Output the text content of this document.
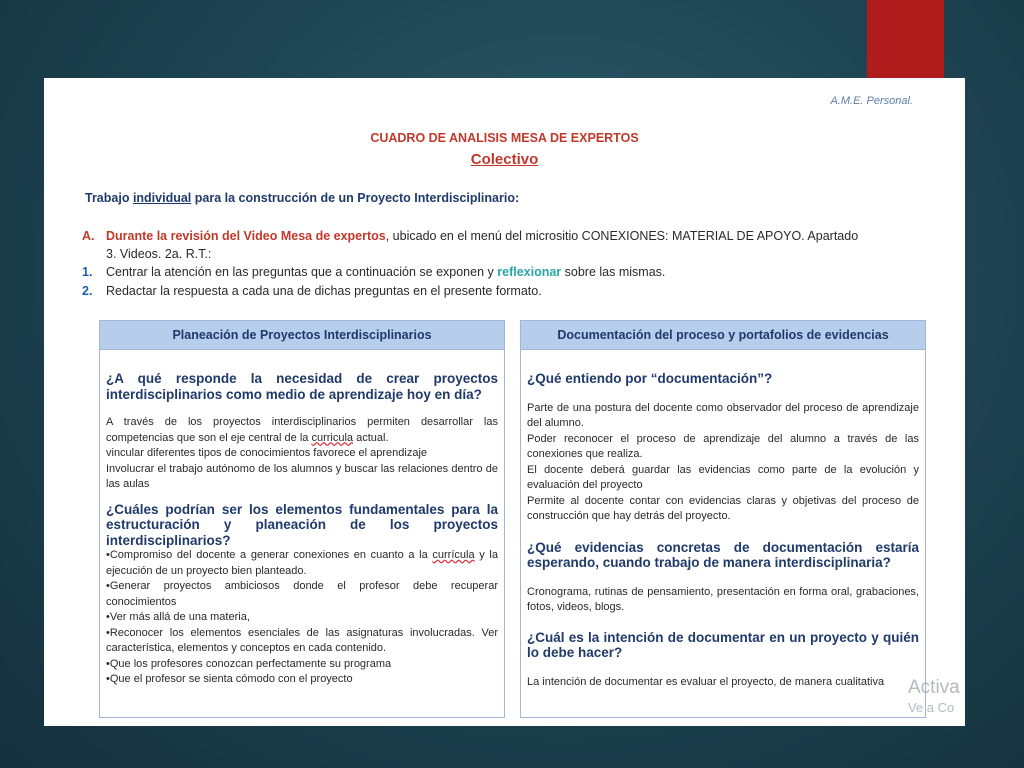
A.M.E. Personal.
CUADRO DE ANALISIS MESA DE EXPERTOS
Colectivo
Trabajo individual para la construcción de un Proyecto Interdisciplinario:
A. Durante la revisión del Video Mesa de expertos, ubicado en el menú del micrositio CONEXIONES: MATERIAL DE APOYO. Apartado
3. Videos. 2a. R.T.:
1. Centrar la atención en las preguntas que a continuación se exponen y reflexionar sobre las mismas.
2. Redactar la respuesta a cada una de dichas preguntas en el presente formato.
Planeación de Proyectos Interdisciplinarios

¿A qué responde la necesidad de crear proyectos interdisciplinarios como medio de aprendizaje hoy en día?

A través de los proyectos interdisciplinarios permiten desarrollar las competencias que son el eje central de la curricula actual.

vincular diferentes tipos de conocimientos favorece el aprendizaje

Involucrar el trabajo autónomo de los alumnos y buscar las relaciones dentro de las aulas

¿Cuáles podrían ser los elementos fundamentales para la estructuración y planeación de los proyectos interdisciplinarios?

•Compromiso del docente a generar conexiones en cuanto a la currícula y la ejecución de un proyecto bien planteado.

•Generar proyectos ambiciosos donde el profesor debe recuperar conocimientos

•Ver más allá de una materia,

•Reconocer los elementos esenciales de las asignaturas involucradas. Ver característica, elementos y conceptos en cada contenido.

•Que los profesores conozcan perfectamente su programa

•Que el profesor se sienta cómodo con el proyecto

Documentación del proceso y portafolios de evidencias

¿Qué entiendo por “documentación”?

Parte de una postura del docente como observador del proceso de aprendizaje del alumno.

Poder reconocer el proceso de aprendizaje del alumno a través de las conexiones que realiza.

El docente deberá guardar las evidencias como parte de la evolución y evaluación del proyecto

Permite al docente contar con evidencias claras y objetivas del proceso de construcción que hay detrás del proyecto.

¿Qué evidencias concretas de documentación estaría esperando, cuando trabajo de manera interdisciplinaria?

Cronograma, rutinas de pensamiento, presentación en forma oral, grabaciones, fotos, videos, blogs.

¿Cuál es la intención de documentar en un proyecto y quién lo debe hacer?

La intención de documentar es evaluar el proyecto, de manera cualitativa	Activa
Ve a Co
